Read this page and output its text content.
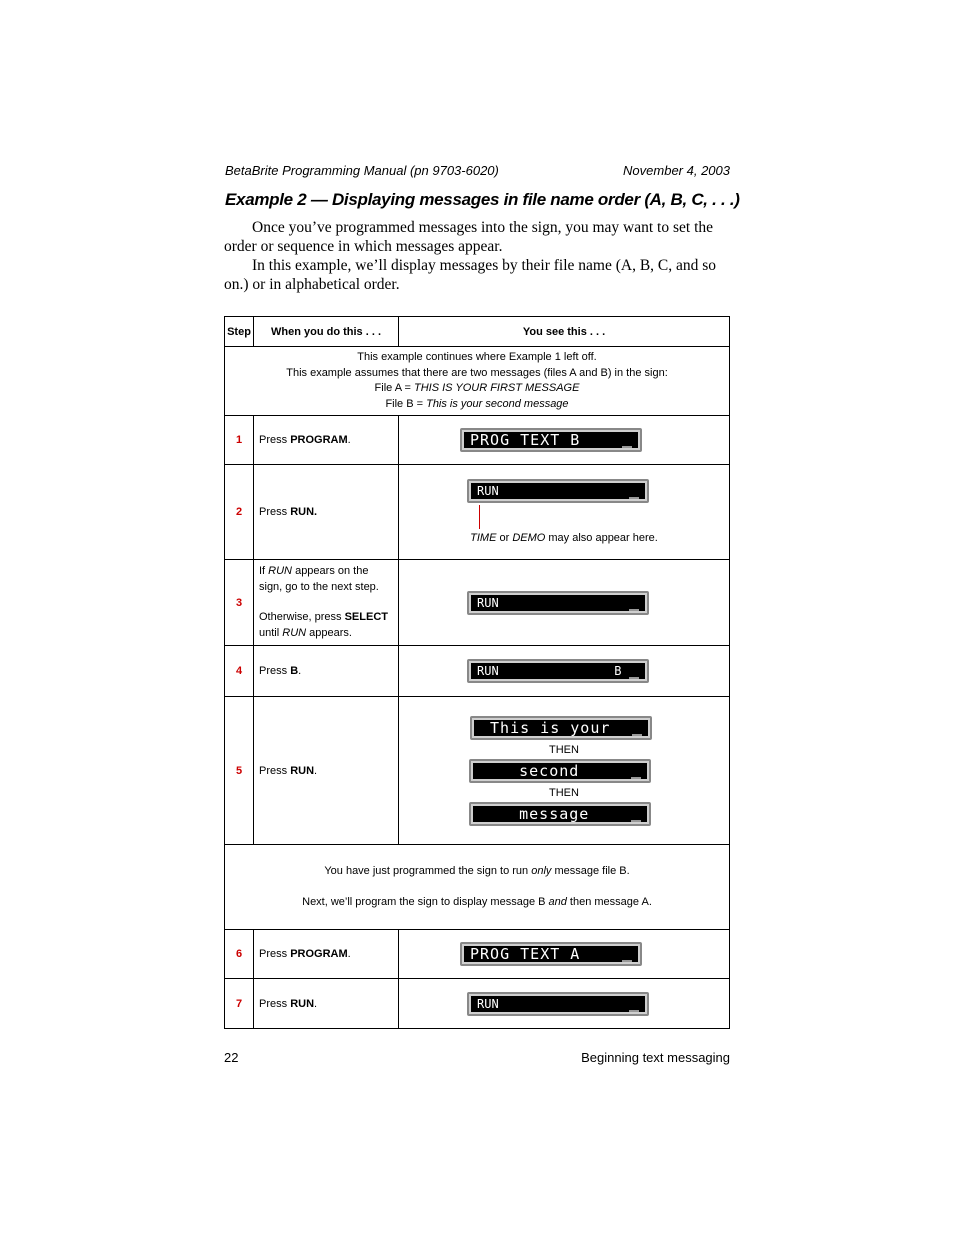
BetaBrite Programming Manual (pn 9703-6020)	November 4, 2003
Example 2 — Displaying messages in file name order (A, B, C, . . .)
Once you’ve programmed messages into the sign, you may want to set the order or sequence in which messages appear.
In this example, we’ll display messages by their file name (A, B, C, and so on.) or in alphabetical order.
Step	When you do this . . .	You see this . . .

This example continues where Example 1 left off.
This example assumes that there are two messages (files A and B) in the sign:
File A = THIS IS YOUR FIRST MESSAGE
File B = This is your second message		

1	Press PROGRAM.	PROG TEXT B

2	Press RUN.	RUN
TIME or DEMO may also appear here.

3	If RUN appears on the sign, go to the next step.
Otherwise, press SELECT until RUN appears.	RUN

4	Press B.	RUN                B

5	Press RUN.	This is your
THEN
second
THEN
message

You have just programmed the sign to run only message file B.
Next, we’ll program the sign to display message B and then message A.		

6	Press PROGRAM.	PROG TEXT A

7	Press RUN.	RUN
22	Beginning text messaging
